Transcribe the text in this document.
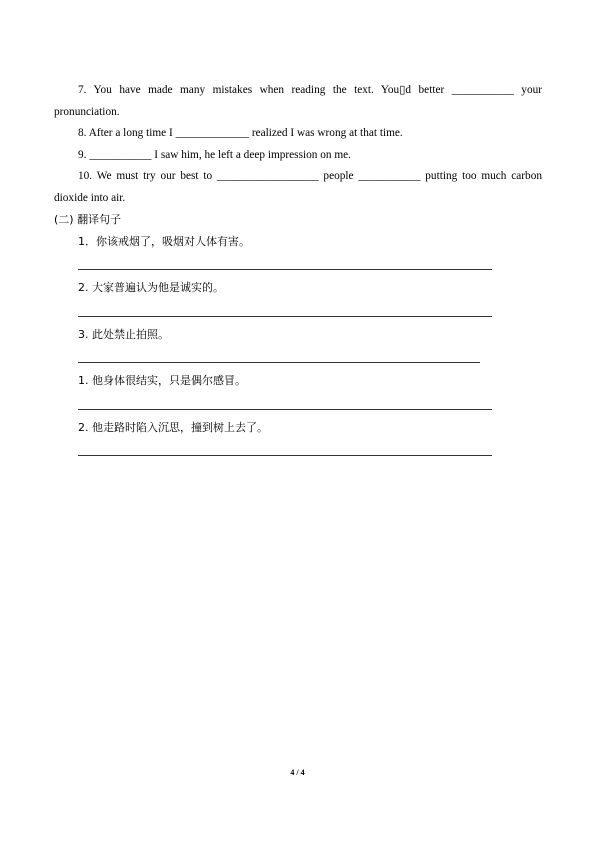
7. You have made many mistakes when reading the text. You▯d better ___________ your pronunciation.

8. After a long time I _____________ realized I was wrong at that time.

9. ___________ I saw him, he left a deep impression on me.

10. We must try our best to __________________ people ___________ putting too much carbon dioxide into air.

(二) 翻译句子

1．你该戒烟了，吸烟对人体有害。

2. 大家普遍认为他是诚实的。

3. 此处禁止拍照。

1. 他身体很结实，只是偶尔感冒。

2. 他走路时陷入沉思，撞到树上去了。

4 / 4
